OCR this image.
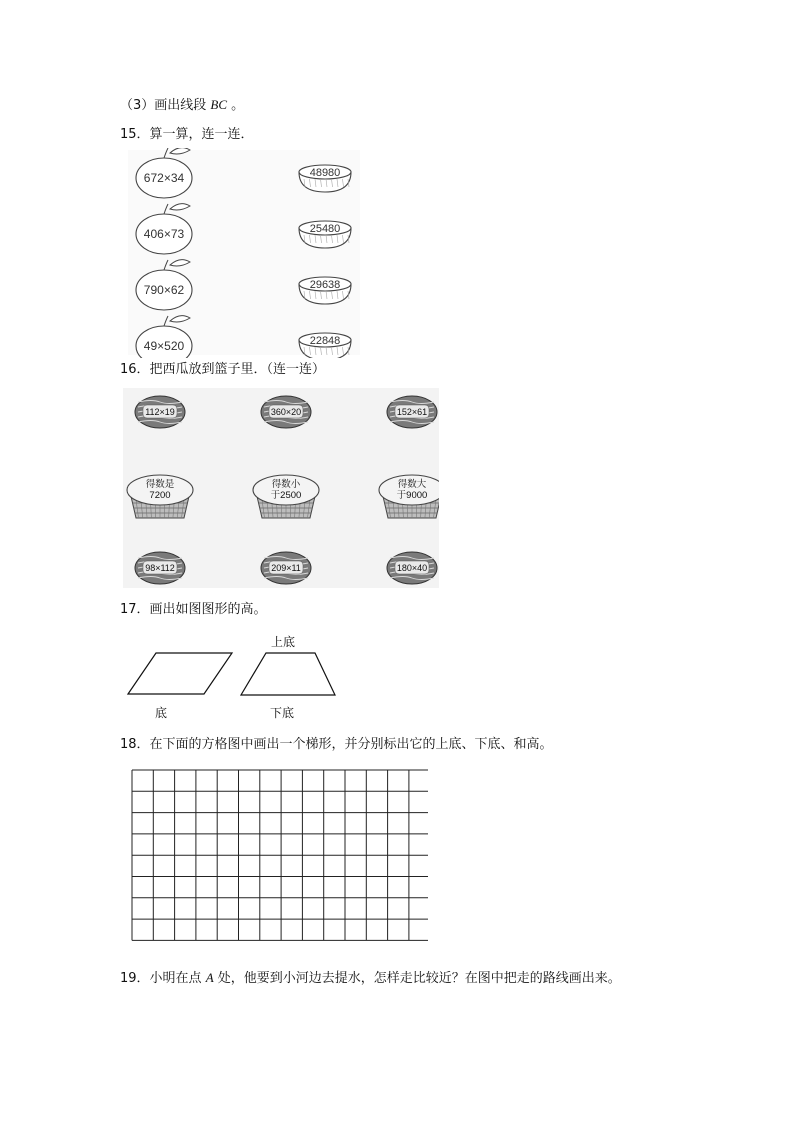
（3）画出线段 BC 。
15．算一算，连一连．
672×34
406×73
790×62
49×520
48980
25480
29638
22848
16．把西瓜放到篮子里．（连一连）
112×19	360×20	152×61
得数是
7200
得数小
于2500
得数大
于9000
98×112	209×11	180×40
17．画出如图图形的高。
上底
底	下底
18．在下面的方格图中画出一个梯形，并分别标出它的上底、下底、和高。
19．小明在点 A 处，他要到小河边去提水，怎样走比较近？在图中把走的路线画出来。
